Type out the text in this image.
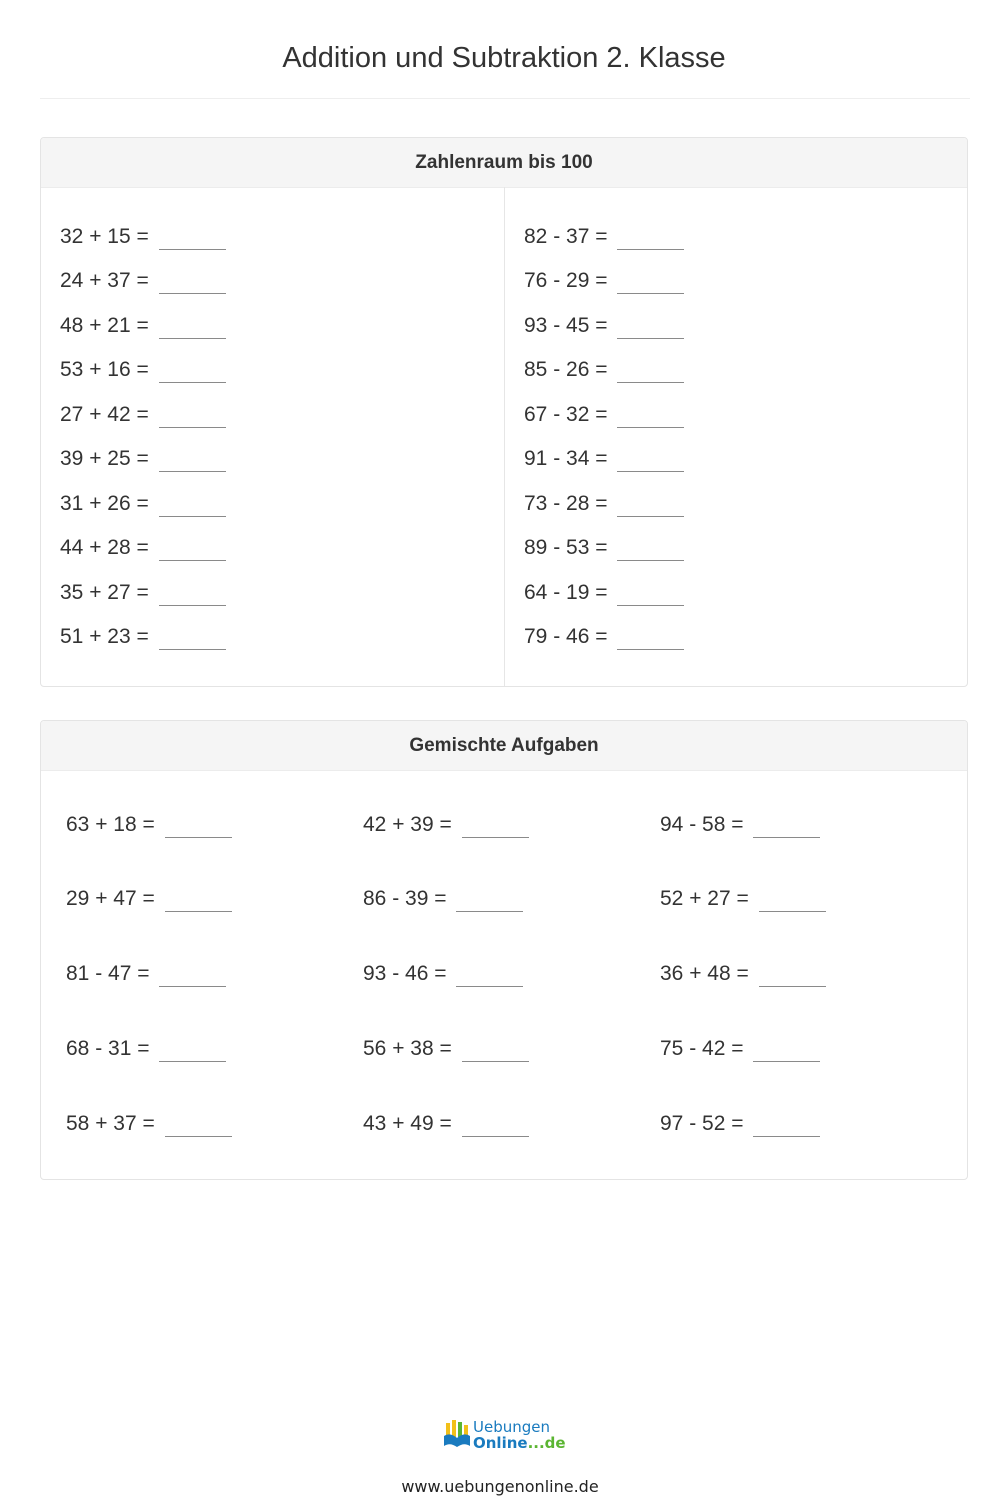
Addition und Subtraktion 2. Klasse
Zahlenraum bis 100
32 + 15 =
24 + 37 =
48 + 21 =
53 + 16 =
27 + 42 =
39 + 25 =
31 + 26 =
44 + 28 =
35 + 27 =
51 + 23 =
82 - 37 =
76 - 29 =
93 - 45 =
85 - 26 =
67 - 32 =
91 - 34 =
73 - 28 =
89 - 53 =
64 - 19 =
79 - 46 =
Gemischte Aufgaben
63 + 18 =	42 + 39 =	94 - 58 =
29 + 47 =	86 - 39 =	52 + 27 =
81 - 47 =	93 - 46 =	36 + 48 =
68 - 31 =	56 + 38 =	75 - 42 =
58 + 37 =	43 + 49 =	97 - 52 =
Uebungen
Online...de
www.uebungenonline.de
